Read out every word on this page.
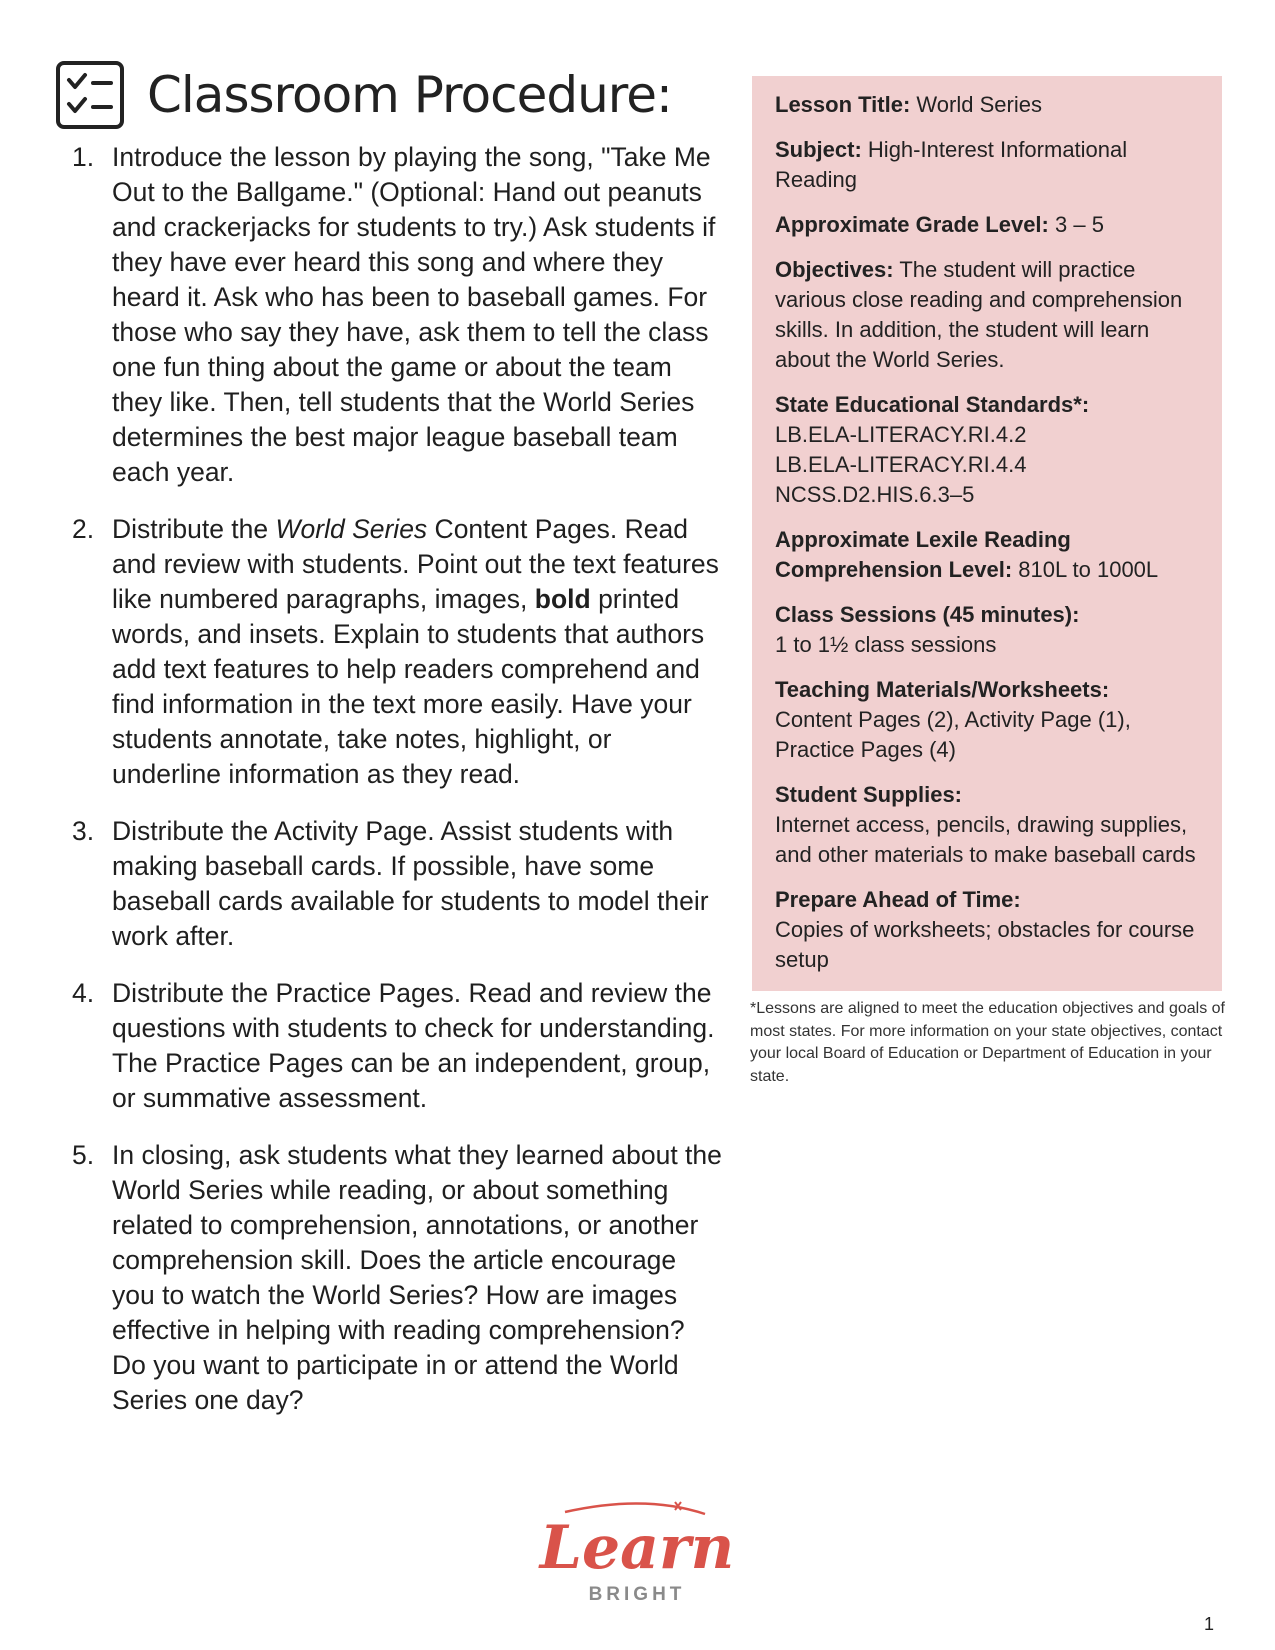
Classroom Procedure:
1. Introduce the lesson by playing the song, "Take Me Out to the Ballgame." (Optional: Hand out peanuts and crackerjacks for students to try.) Ask students if they have ever heard this song and where they heard it. Ask who has been to baseball games. For those who say they have, ask them to tell the class one fun thing about the game or about the team they like. Then, tell students that the World Series determines the best major league baseball team each year.
2. Distribute the World Series Content Pages. Read and review with students. Point out the text features like numbered paragraphs, images, bold printed words, and insets. Explain to students that authors add text features to help readers comprehend and find information in the text more easily. Have your students annotate, take notes, highlight, or underline information as they read.
3. Distribute the Activity Page. Assist students with making baseball cards. If possible, have some baseball cards available for students to model their work after.
4. Distribute the Practice Pages. Read and review the questions with students to check for understanding. The Practice Pages can be an independent, group, or summative assessment.
5. In closing, ask students what they learned about the World Series while reading, or about something related to comprehension, annotations, or another comprehension skill. Does the article encourage you to watch the World Series? How are images effective in helping with reading comprehension? Do you want to participate in or attend the World Series one day?
Lesson Title: World Series
Subject: High-Interest Informational Reading
Approximate Grade Level: 3 – 5
Objectives: The student will practice various close reading and comprehension skills. In addition, the student will learn about the World Series.
State Educational Standards*:
LB.ELA-LITERACY.RI.4.2
LB.ELA-LITERACY.RI.4.4
NCSS.D2.HIS.6.3–5
Approximate Lexile Reading
Comprehension Level: 810L to 1000L
Class Sessions (45 minutes):
1 to 1½ class sessions
Teaching Materials/Worksheets:
Content Pages (2), Activity Page (1), Practice Pages (4)
Student Supplies:
Internet access, pencils, drawing supplies, and other materials to make baseball cards
Prepare Ahead of Time:
Copies of worksheets; obstacles for course setup
*Lessons are aligned to meet the education objectives and goals of most states. For more information on your state objectives, contact your local Board of Education or Department of Education in your state.
Learn
BRIGHT
1
